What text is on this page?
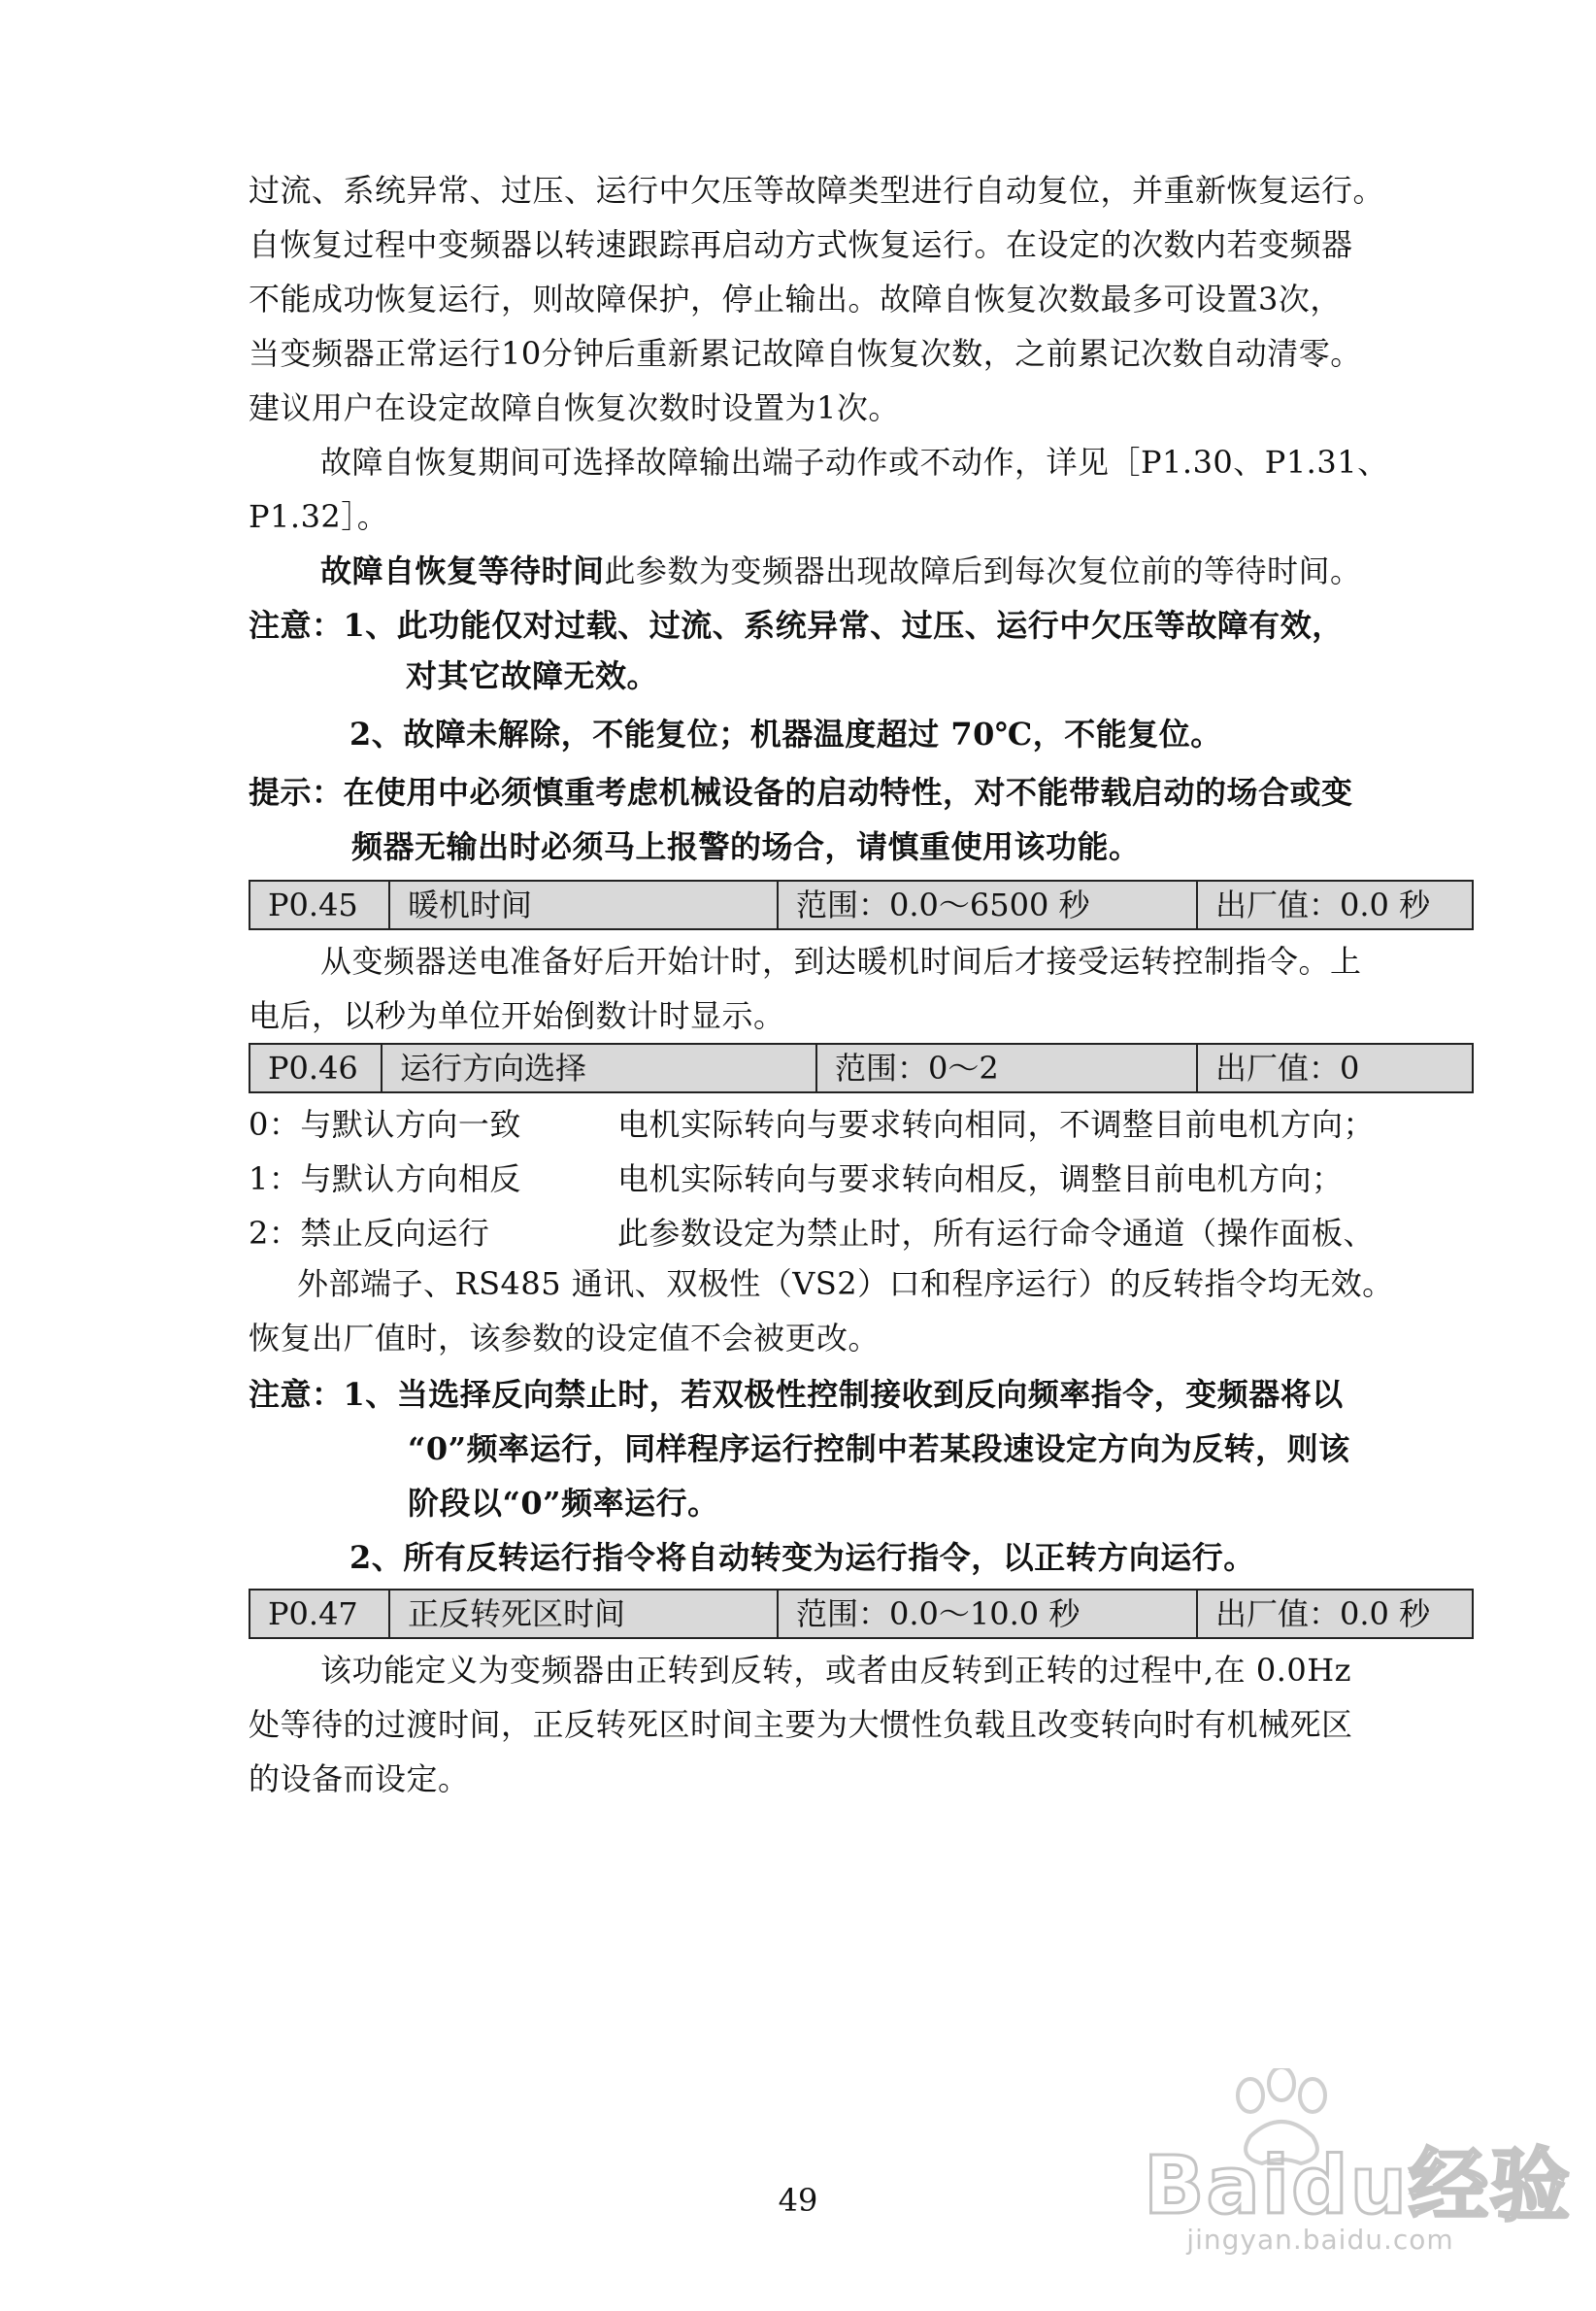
过流、系统异常、过压、运行中欠压等故障类型进行自动复位，并重新恢复运行。
自恢复过程中变频器以转速跟踪再启动方式恢复运行。在设定的次数内若变频器
不能成功恢复运行，则故障保护，停止输出。故障自恢复次数最多可设置3次，
当变频器正常运行10分钟后重新累记故障自恢复次数，之前累记次数自动清零。
建议用户在设定故障自恢复次数时设置为1次。
故障自恢复期间可选择故障输出端子动作或不动作，详见［P1.30、P1.31、
P1.32］。
故障自恢复等待时间此参数为变频器出现故障后到每次复位前的等待时间。
注意：1、此功能仅对过载、过流、系统异常、过压、运行中欠压等故障有效，
对其它故障无效。
2、故障未解除，不能复位；机器温度超过 70℃，不能复位。
提示：在使用中必须慎重考虑机械设备的启动特性，对不能带载启动的场合或变
频器无输出时必须马上报警的场合，请慎重使用该功能。
P0.45	暖机时间	范围：0.0～6500 秒	出厂值：0.0 秒
从变频器送电准备好后开始计时，到达暖机时间后才接受运转控制指令。上
电后，以秒为单位开始倒数计时显示。
P0.46	运行方向选择	范围：0～2	出厂值：0
0：与默认方向一致	电机实际转向与要求转向相同，不调整目前电机方向；
1：与默认方向相反	电机实际转向与要求转向相反，调整目前电机方向；
2：禁止反向运行	此参数设定为禁止时，所有运行命令通道（操作面板、
外部端子、RS485 通讯、双极性（VS2）口和程序运行）的反转指令均无效。
恢复出厂值时，该参数的设定值不会被更改。
注意：1、当选择反向禁止时，若双极性控制接收到反向频率指令，变频器将以
“0”频率运行，同样程序运行控制中若某段速设定方向为反转，则该
阶段以“0”频率运行。
2、所有反转运行指令将自动转变为运行指令，以正转方向运行。
P0.47	正反转死区时间	范围：0.0～10.0 秒	出厂值：0.0 秒
该功能定义为变频器由正转到反转，或者由反转到正转的过程中,在 0.0Hz
处等待的过渡时间，正反转死区时间主要为大惯性负载且改变转向时有机械死区
的设备而设定。
49	Baidu经验
jingyan.baidu.com
